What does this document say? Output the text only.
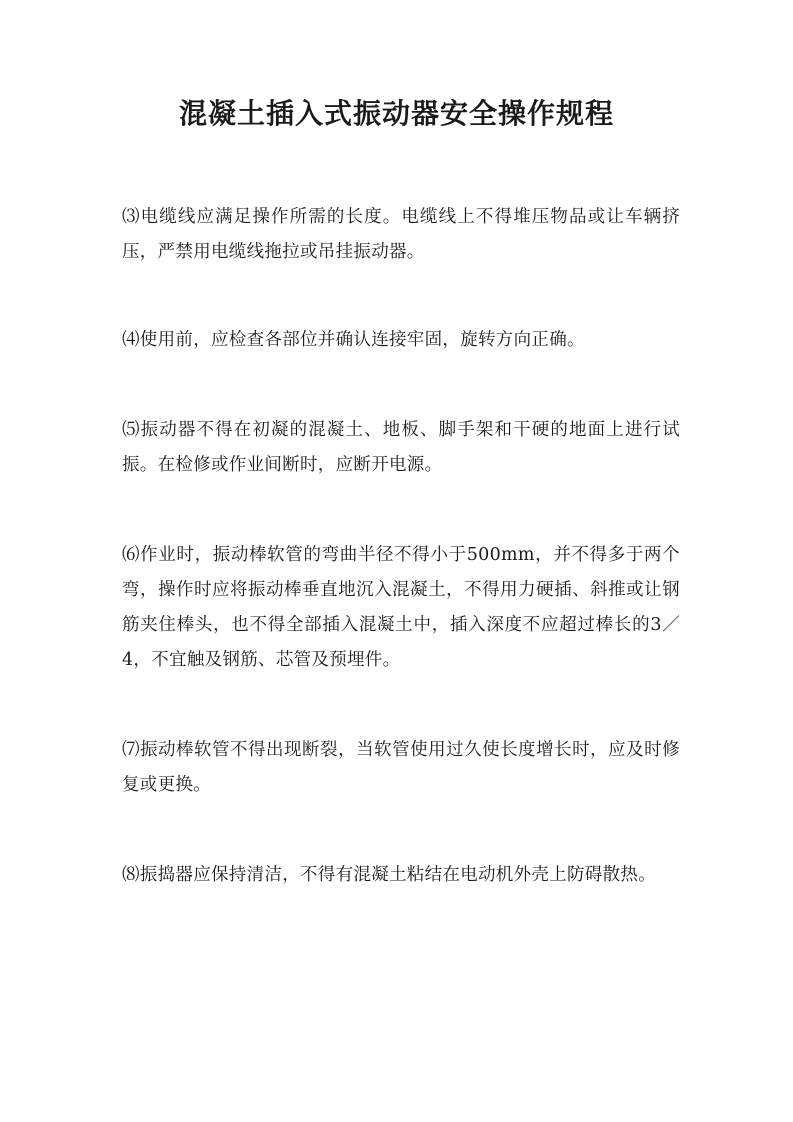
混凝土插入式振动器安全操作规程

⑶电缆线应满足操作所需的长度。电缆线上不得堆压物品或让车辆挤压，严禁用电缆线拖拉或吊挂振动器。

⑷使用前，应检查各部位并确认连接牢固，旋转方向正确。

⑸振动器不得在初凝的混凝土、地板、脚手架和干硬的地面上进行试振。在检修或作业间断时，应断开电源。

⑹作业时，振动棒软管的弯曲半径不得小于500mm，并不得多于两个弯，操作时应将振动棒垂直地沉入混凝土，不得用力硬插、斜推或让钢筋夹住棒头，也不得全部插入混凝土中，插入深度不应超过棒长的3／4，不宜触及钢筋、芯管及预埋件。

⑺振动棒软管不得出现断裂，当软管使用过久使长度增长时，应及时修复或更换。

⑻振捣器应保持清洁，不得有混凝土粘结在电动机外壳上防碍散热。
